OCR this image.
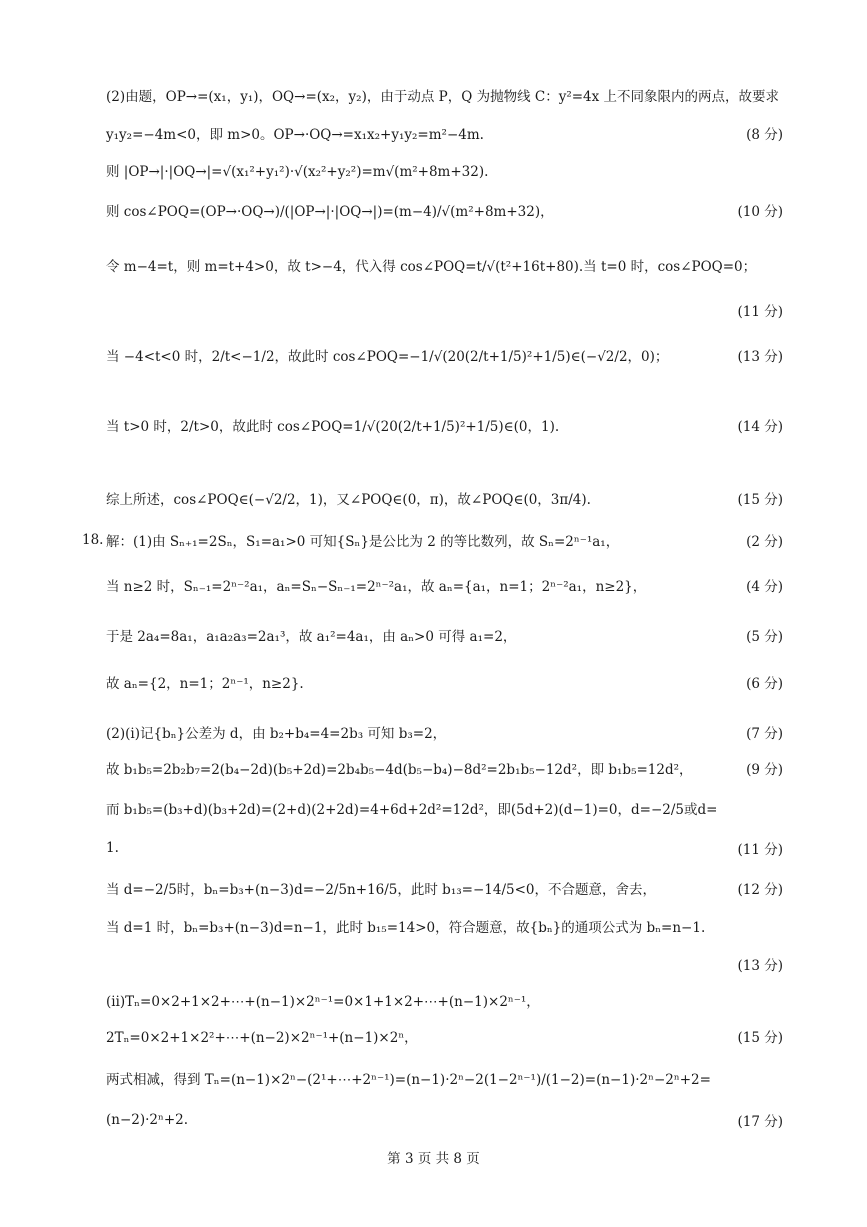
(2)由题，OP→=(x₁，y₁)，OQ→=(x₂，y₂)，由于动点 P，Q 为抛物线 C：y²=4x 上不同象限内的两点，故要求
y₁y₂=−4m<0，即 m>0。OP→·OQ→=x₁x₂+y₁y₂=m²−4m.	(8 分)
则 |OP→|·|OQ→|=√(x₁²+y₁²)·√(x₂²+y₂²)=m√(m²+8m+32).
则 cos∠POQ=(OP→·OQ→)/(|OP→|·|OQ→|)=(m−4)/√(m²+8m+32)，	(10 分)
令 m−4=t，则 m=t+4>0，故 t>−4，代入得 cos∠POQ=t/√(t²+16t+80).当 t=0 时，cos∠POQ=0；
(11 分)
当 −4<t<0 时，2/t<−1/2，故此时 cos∠POQ=−1/√(20(2/t+1/5)²+1/5)∈(−√2/2，0)；	(13 分)
当 t>0 时，2/t>0，故此时 cos∠POQ=1/√(20(2/t+1/5)²+1/5)∈(0，1).	(14 分)
综上所述，cos∠POQ∈(−√2/2，1)，又∠POQ∈(0，π)，故∠POQ∈(0，3π/4).	(15 分)
18. 解：(1)由 Sₙ₊₁=2Sₙ，S₁=a₁>0 可知{Sₙ}是公比为 2 的等比数列，故 Sₙ=2ⁿ⁻¹a₁，	(2 分)
当 n≥2 时，Sₙ₋₁=2ⁿ⁻²a₁，aₙ=Sₙ−Sₙ₋₁=2ⁿ⁻²a₁，故 aₙ={a₁，n=1；2ⁿ⁻²a₁，n≥2}，	(4 分)
于是 2a₄=8a₁，a₁a₂a₃=2a₁³，故 a₁²=4a₁，由 aₙ>0 可得 a₁=2，	(5 分)
故 aₙ={2，n=1；2ⁿ⁻¹，n≥2}.	(6 分)
(2)(ⅰ)记{bₙ}公差为 d，由 b₂+b₄=4=2b₃ 可知 b₃=2，	(7 分)
故 b₁b₅=2b₂b₇=2(b₄−2d)(b₅+2d)=2b₄b₅−4d(b₅−b₄)−8d²=2b₁b₅−12d²，即 b₁b₅=12d²，	(9 分)
而 b₁b₅=(b₃+d)(b₃+2d)=(2+d)(2+2d)=4+6d+2d²=12d²，即(5d+2)(d−1)=0，d=−2/5或d=
1.	(11 分)
当 d=−2/5时，bₙ=b₃+(n−3)d=−2/5n+16/5，此时 b₁₃=−14/5<0，不合题意，舍去，	(12 分)
当 d=1 时，bₙ=b₃+(n−3)d=n−1，此时 b₁₅=14>0，符合题意，故{bₙ}的通项公式为 bₙ=n−1.
(13 分)
(ⅱ)Tₙ=0×2+1×2+⋯+(n−1)×2ⁿ⁻¹=0×1+1×2+⋯+(n−1)×2ⁿ⁻¹，
2Tₙ=0×2+1×2²+⋯+(n−2)×2ⁿ⁻¹+(n−1)×2ⁿ，	(15 分)
两式相减，得到 Tₙ=(n−1)×2ⁿ−(2¹+⋯+2ⁿ⁻¹)=(n−1)·2ⁿ−2(1−2ⁿ⁻¹)/(1−2)=(n−1)·2ⁿ−2ⁿ+2=
(n−2)·2ⁿ+2.	(17 分)
第 3 页 共 8 页
